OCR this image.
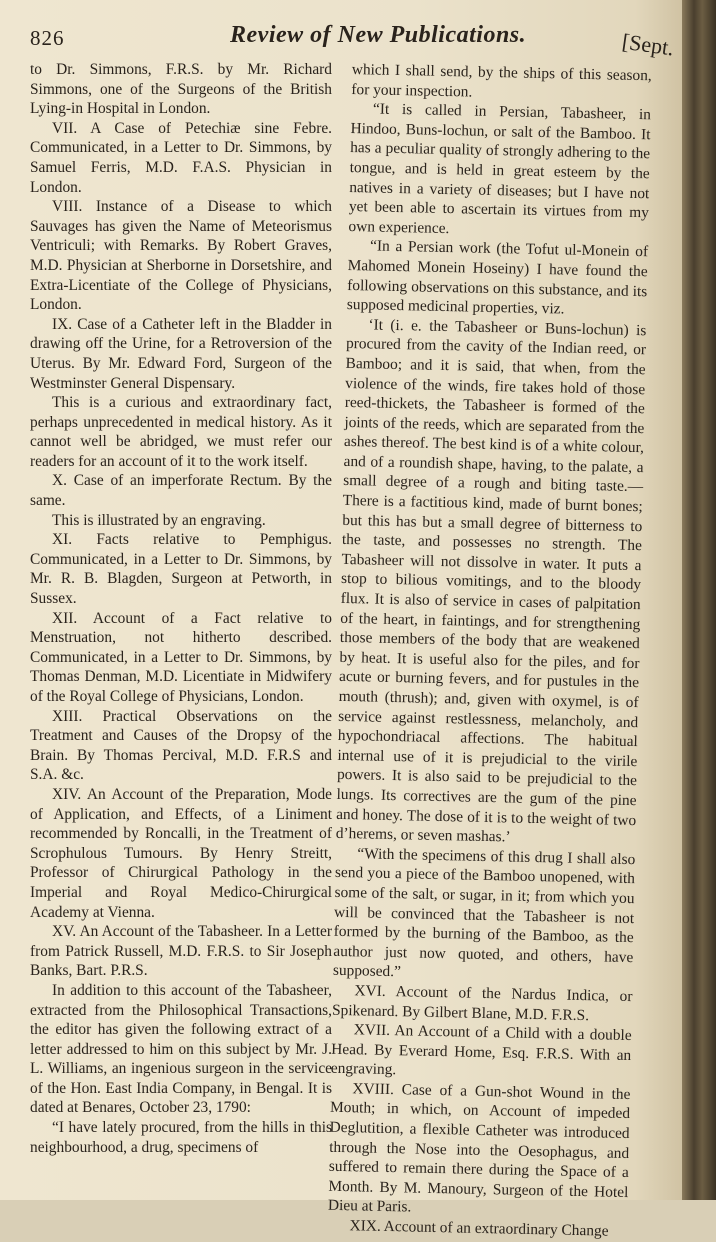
826	Review of New Publications.	[Sept.

to Dr. Simmons, F.R.S. by Mr. Richard Simmons, one of the Surgeons of the British Lying-in Hospital in London.

VII. A Case of Petechiæ sine Febre. Communicated, in a Letter to Dr. Simmons, by Samuel Ferris, M.D. F.A.S. Physician in London.

VIII. Instance of a Disease to which Sauvages has given the Name of Meteorismus Ventriculi; with Remarks. By Robert Graves, M.D. Physician at Sherborne in Dorsetshire, and Extra-Licentiate of the College of Physicians, London.

IX. Case of a Catheter left in the Bladder in drawing off the Urine, for a Retroversion of the Uterus. By Mr. Edward Ford, Surgeon of the Westminster General Dispensary.

This is a curious and extraordinary fact, perhaps unprecedented in medical history. As it cannot well be abridged, we must refer our readers for an account of it to the work itself.

X. Case of an imperforate Rectum. By the same.

This is illustrated by an engraving.

XI. Facts relative to Pemphigus. Communicated, in a Letter to Dr. Simmons, by Mr. R. B. Blagden, Surgeon at Petworth, in Sussex.

XII. Account of a Fact relative to Menstruation, not hitherto described. Communicated, in a Letter to Dr. Simmons, by Thomas Denman, M.D. Licentiate in Midwifery of the Royal College of Physicians, London.

XIII. Practical Observations on the Treatment and Causes of the Dropsy of the Brain. By Thomas Percival, M.D. F.R.S and S.A. &c.

XIV. An Account of the Preparation, Mode of Application, and Effects, of a Liniment recommended by Roncalli, in the Treatment of Scrophulous Tumours. By Henry Streitt, Professor of Chirurgical Pathology in the Imperial and Royal Medico-Chirurgical Academy at Vienna.

XV. An Account of the Tabasheer. In a Letter from Patrick Russell, M.D. F.R.S. to Sir Joseph Banks, Bart. P.R.S.

In addition to this account of the Tabasheer, extracted from the Philosophical Transactions, the editor has given the following extract of a letter addressed to him on this subject by Mr. J. L. Williams, an ingenious surgeon in the service of the Hon. East India Company, in Bengal. It is dated at Benares, October 23, 1790:

“I have lately procured, from the hills in this neighbourhood, a drug, specimens of

which I shall send, by the ships of this season, for your inspection.

“It is called in Persian, Tabasheer, in Hindoo, Buns-lochun, or salt of the Bamboo. It has a peculiar quality of strongly adhering to the tongue, and is held in great esteem by the natives in a variety of diseases; but I have not yet been able to ascertain its virtues from my own experience.

“In a Persian work (the Tofut ul-Monein of Mahomed Monein Hoseiny) I have found the following observations on this substance, and its supposed medicinal properties, viz.

‘It (i. e. the Tabasheer or Buns-lochun) is procured from the cavity of the Indian reed, or Bamboo; and it is said, that when, from the violence of the winds, fire takes hold of those reed-thickets, the Tabasheer is formed of the joints of the reeds, which are separated from the ashes thereof. The best kind is of a white colour, and of a roundish shape, having, to the palate, a small degree of a rough and biting taste.— There is a factitious kind, made of burnt bones; but this has but a small degree of bitterness to the taste, and possesses no strength. The Tabasheer will not dissolve in water. It puts a stop to bilious vomitings, and to the bloody flux. It is also of service in cases of palpitation of the heart, in faintings, and for strengthening those members of the body that are weakened by heat. It is useful also for the piles, and for acute or burning fevers, and for pustules in the mouth (thrush); and, given with oxymel, is of service against restlessness, melancholy, and hypochondriacal affections. The habitual internal use of it is prejudicial to the virile powers. It is also said to be prejudicial to the lungs. Its correctives are the gum of the pine and honey. The dose of it is to the weight of two d’herems, or seven mashas.’

“With the specimens of this drug I shall also send you a piece of the Bamboo unopened, with some of the salt, or sugar, in it; from which you will be convinced that the Tabasheer is not formed by the burning of the Bamboo, as the author just now quoted, and others, have supposed.”

XVI. Account of the Nardus Indica, or Spikenard. By Gilbert Blane, M.D. F.R.S.

XVII. An Account of a Child with a double Head. By Everard Home, Esq. F.R.S. With an engraving.

XVIII. Case of a Gun-shot Wound in the Mouth; in which, on Account of impeded Deglutition, a flexible Catheter was introduced through the Nose into the Oesophagus, and suffered to remain there during the Space of a Month. By M. Manoury, Surgeon of the Hotel Dieu at Paris.

XIX. Account of an extraordinary Change
